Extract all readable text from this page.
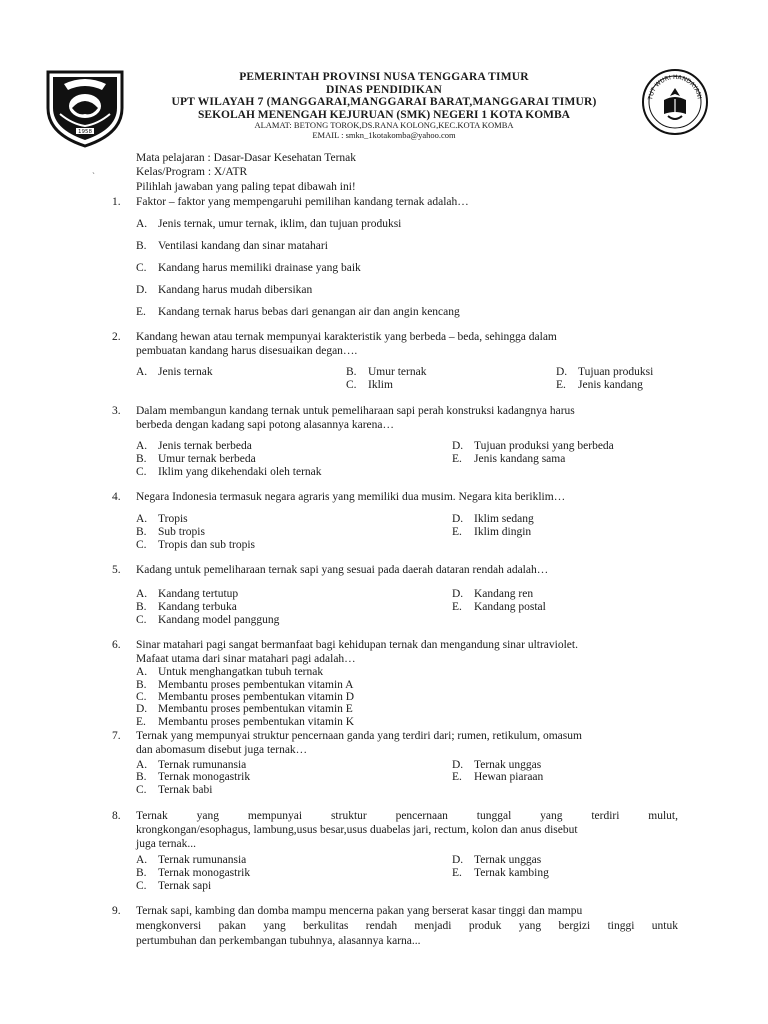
1958
PEMERINTAH PROVINSI NUSA TENGGARA TIMUR
DINAS PENDIDIKAN
UPT WILAYAH 7 (MANGGARAI,MANGGARAI BARAT,MANGGARAI TIMUR)
SEKOLAH MENENGAH KEJURUAN (SMK) NEGERI 1 KOTA KOMBA
ALAMAT: BETONG TOROK,DS.RANA KOLONG,KEC.KOTA KOMBA
EMAIL : smkn_1kotakomba@yahoo.com
TUT WURI HANDAYANI
`
Mata pelajaran : Dasar-Dasar Kesehatan Ternak
Kelas/Program : X/ATR
Pilihlah jawaban yang paling tepat dibawah ini!
1. Faktor – faktor yang mempengaruhi pemilihan kandang ternak adalah…
A. Jenis ternak, umur ternak, iklim, dan tujuan produksi
B. Ventilasi kandang dan sinar matahari
C. Kandang harus memiliki drainase yang baik
D. Kandang harus mudah dibersikan
E. Kandang ternak harus bebas dari genangan air dan angin kencang
2. Kandang hewan atau ternak mempunyai karakteristik yang berbeda – beda, sehingga dalam
pembuatan kandang harus disesuaikan degan….
A. Jenis ternak	B. Umur ternak
C. Iklim
D. Tujuan produksi
E. Jenis kandang
3. Dalam membangun kandang ternak untuk pemeliharaan sapi perah konstruksi kadangnya harus
berbeda dengan kadang sapi potong alasannya karena…
A. Jenis ternak berbeda
B. Umur ternak berbeda
C. Iklim yang dikehendaki oleh ternak
D. Tujuan produksi yang berbeda
E. Jenis kandang sama
4. Negara Indonesia termasuk negara agraris yang memiliki dua musim. Negara kita beriklim…
A. Tropis
B. Sub tropis
C. Tropis dan sub tropis
D. Iklim sedang
E. Iklim dingin
5. Kadang untuk pemeliharaan ternak sapi yang sesuai pada daerah dataran rendah adalah…
A. Kandang tertutup
B. Kandang terbuka
C. Kandang model panggung
D. Kandang ren
E. Kandang postal
6. Sinar matahari pagi sangat bermanfaat bagi kehidupan ternak dan mengandung sinar ultraviolet.
Mafaat utama dari sinar matahari pagi adalah…
A. Untuk menghangatkan tubuh ternak
B. Membantu proses pembentukan vitamin A
C. Membantu proses pembentukan vitamin D
D. Membantu proses pembentukan vitamin E
E. Membantu proses pembentukan vitamin K
7. Ternak yang mempunyai struktur pencernaan ganda yang terdiri dari; rumen, retikulum, omasum
dan abomasum disebut juga ternak…
A. Ternak rumunansia
B. Ternak monogastrik
C. Ternak babi
D. Ternak unggas
E. Hewan piaraan
8. Ternak yang mempunyai struktur pencernaan tunggal yang terdiri mulut,
krongkongan/esophagus, lambung,usus besar,usus duabelas jari, rectum, kolon dan anus disebut
juga ternak...
A. Ternak rumunansia
B. Ternak monogastrik
C. Ternak sapi
D. Ternak unggas
E. Ternak kambing
9. Ternak sapi, kambing dan domba mampu mencerna pakan yang berserat kasar tinggi dan mampu
mengkonversi pakan yang berkulitas rendah menjadi produk yang bergizi tinggi untuk
pertumbuhan dan perkembangan tubuhnya, alasannya karna...
